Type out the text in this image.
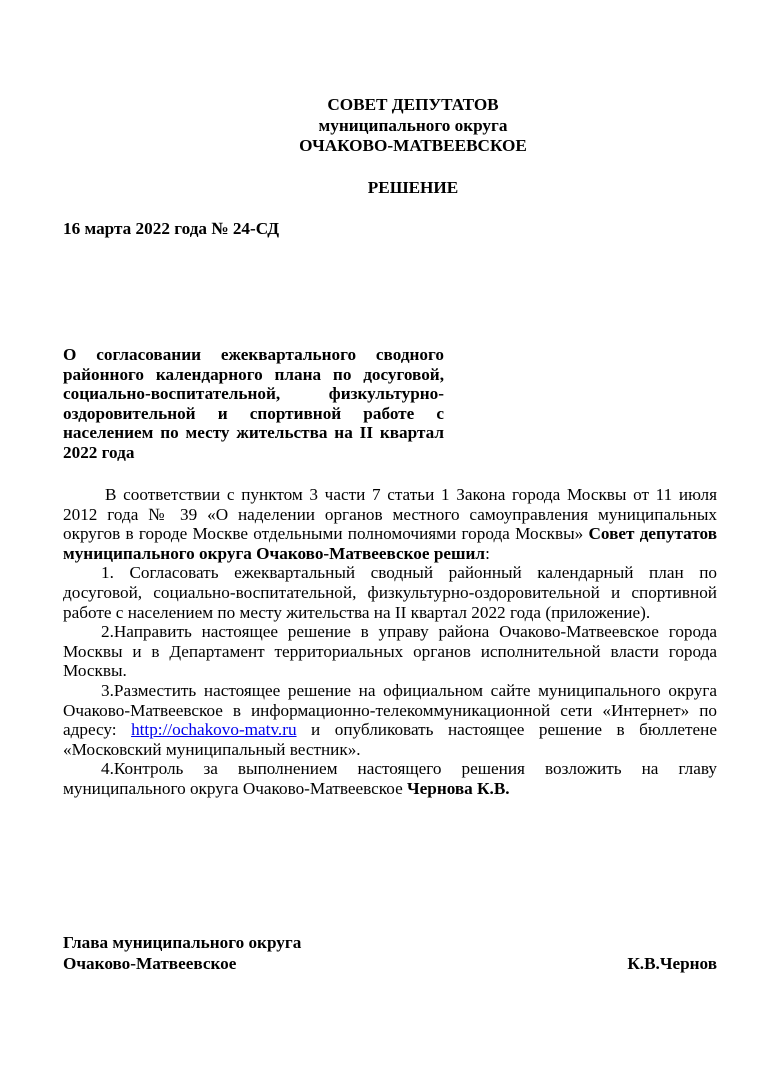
СОВЕТ ДЕПУТАТОВ
муниципального округа
ОЧАКОВО-МАТВЕЕВСКОЕ
РЕШЕНИЕ
16 марта 2022 года № 24-СД
О согласовании ежеквартального сводного районного календарного плана по досуговой, социально-воспитательной, физкультурно-оздоровительной и спортивной работе с населением по месту жительства на II квартал 2022 года

В соответствии с пунктом 3 части 7 статьи 1 Закона города Москвы от 11 июля 2012 года № 39 «О наделении органов местного самоуправления муниципальных округов в городе Москве отдельными полномочиями города Москвы» Совет депутатов муниципального округа Очаково-Матвеевское решил:

1. Согласовать ежеквартальный сводный районный календарный план по досуговой, социально-воспитательной, физкультурно-оздоровительной и спортивной работе с населением по месту жительства на II квартал 2022 года (приложение).

2.Направить настоящее решение в управу района Очаково-Матвеевское города Москвы и в Департамент территориальных органов исполнительной власти города Москвы.

3.Разместить настоящее решение на официальном сайте муниципального округа Очаково-Матвеевское в информационно-телекоммуникационной сети «Интернет» по адресу: http://ochakovo-matv.ru и опубликовать настоящее решение в бюллетене «Московский муниципальный вестник».

4.Контроль за выполнением настоящего решения возложить на главу муниципального округа Очаково-Матвеевское Чернова К.В.

Глава муниципального округа
Очаково-Матвеевское	К.В.Чернов
